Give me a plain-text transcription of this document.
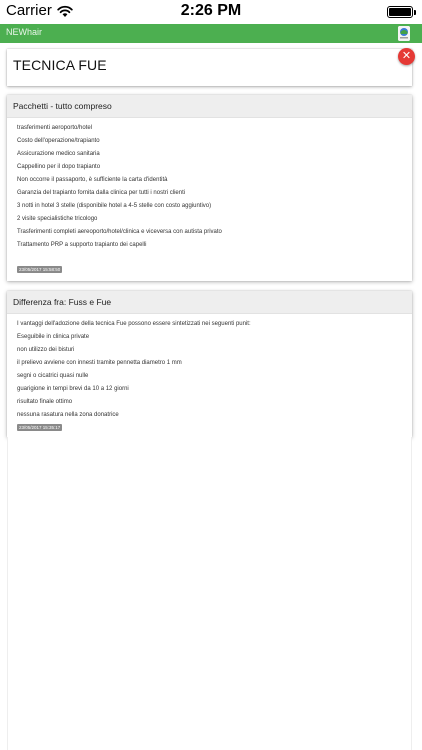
Carrier	2:26 PM
NEWhair
TECNICA FUE
✕
Pacchetti - tutto compreso
trasferimenti aeroporto/hotel
Costo dell'operazione/trapianto
Assicurazione medico sanitaria
Cappellino per il dopo trapianto
Non occorre il passaporto, è sufficiente la carta d'identità
Garanzia del trapianto fornita dalla clinica per tutti i nostri clienti
3 notti in hotel 3 stelle (disponibile hotel a 4-5 stelle con costo aggiuntivo)
2 visite specialistiche tricologo
Trasferimenti completi aereoporto/hotel/clinica e viceversa con autista privato
Trattamento PRP a supporto trapianto dei capelli
23/05/2017 15:58:50
Differenza fra: Fuss e Fue
I vantaggi dell'adozione della tecnica Fue possono essere sintetizzati nei seguenti punit:
Eseguibile in clinica private
non utilizzo dei bisturi
il prelievo avviene con innesti tramite pennetta diametro 1 mm
segni o cicatrici quasi nulle
guarigione in tempi brevi da 10 a 12 giorni
risultato finale ottimo
nessuna rasatura nella zona donatrice
23/05/2017 15:35:17
